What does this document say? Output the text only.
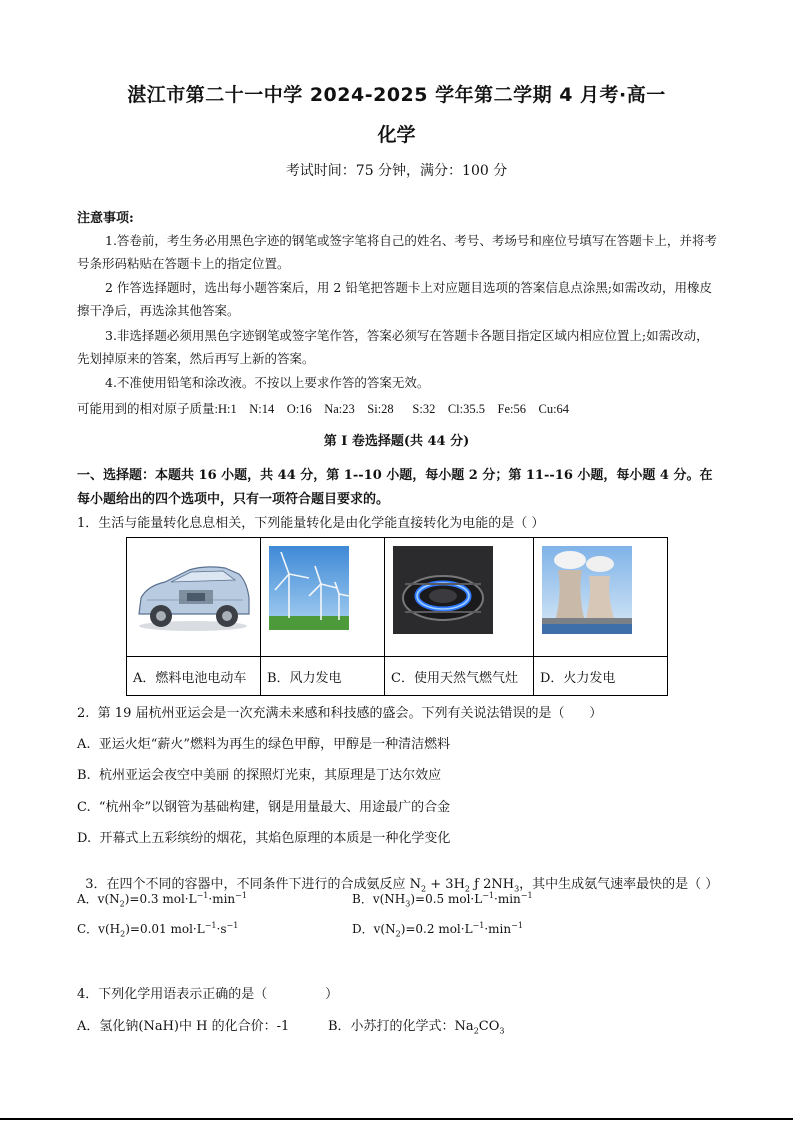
湛江市第二十一中学 2024-2025 学年第二学期 4 月考·高一
化学
考试时间：75 分钟，满分：100 分
注意事项:
1.答卷前，考生务必用黑色字迹的钢笔或签字笔将自己的姓名、考号、考场号和座位号填写在答题卡上，并将考号条形码粘贴在答题卡上的指定位置。
2 作答选择题时，选出每小题答案后，用 2 铅笔把答题卡上对应题目选项的答案信息点涂黑;如需改动，用橡皮擦干净后，再选涂其他答案。
3.非选择题必须用黑色字迹钢笔或签字笔作答，答案必须写在答题卡各题目指定区域内相应位置上;如需改动，先划掉原来的答案，然后再写上新的答案。
4.不准使用铅笔和涂改液。不按以上要求作答的答案无效。
可能用到的相对原子质量:H:1    N:14    O:16    Na:23    Si:28      S:32    Cl:35.5    Fe:56    Cu:64
第 I 卷选择题(共 44 分)
一、选择题：本题共 16 小题，共 44 分，第 1--10 小题，每小题 2 分；第 11--16 小题，每小题 4 分。在每小题给出的四个选项中，只有一项符合题目要求的。
1．生活与能量转化息息相关，下列能量转化是由化学能直接转化为电能的是（ ）

A．燃料电池电动车	B．风力发电	C．使用天然气燃气灶	D．火力发电
2.  第 19 届杭州亚运会是一次充满未来感和科技感的盛会。下列有关说法错误的是（      ）
A.  亚运火炬“薪火”燃料为再生的绿色甲醇，甲醇是一种清洁燃料
B.  杭州亚运会夜空中美丽 的探照灯光束，其原理是丁达尔效应
C.  “杭州伞”以钢管为基础构建，钢是用量最大、用途最广的合金
D.  开幕式上五彩缤纷的烟花，其焰色原理的本质是一种化学变化

3．在四个不同的容器中，不同条件下进行的合成氨反应 $N_2 + 3H_2$ ƒ $2NH_3$，其中生成氨气速率最快的是（ ）

A．$v(N_2)=0.3$ $mol\cdot L^{-1}\cdot\min^{-1}$	B．$v(NH_3)=0.5$ $mol\cdot L^{-1}\cdot\min^{-1}$
C．$v(H_2)=0.01$ $mol\cdot L^{-1}\cdot s^{-1}$	D．$v(N_2)=0.2$ $mol\cdot L^{-1}\cdot\min^{-1}$
4．下列化学用语表示正确的是（              ）
A．氢化钠(NaH)中 H 的化合价：-1	B．小苏打的化学式：$Na_2CO_3$
